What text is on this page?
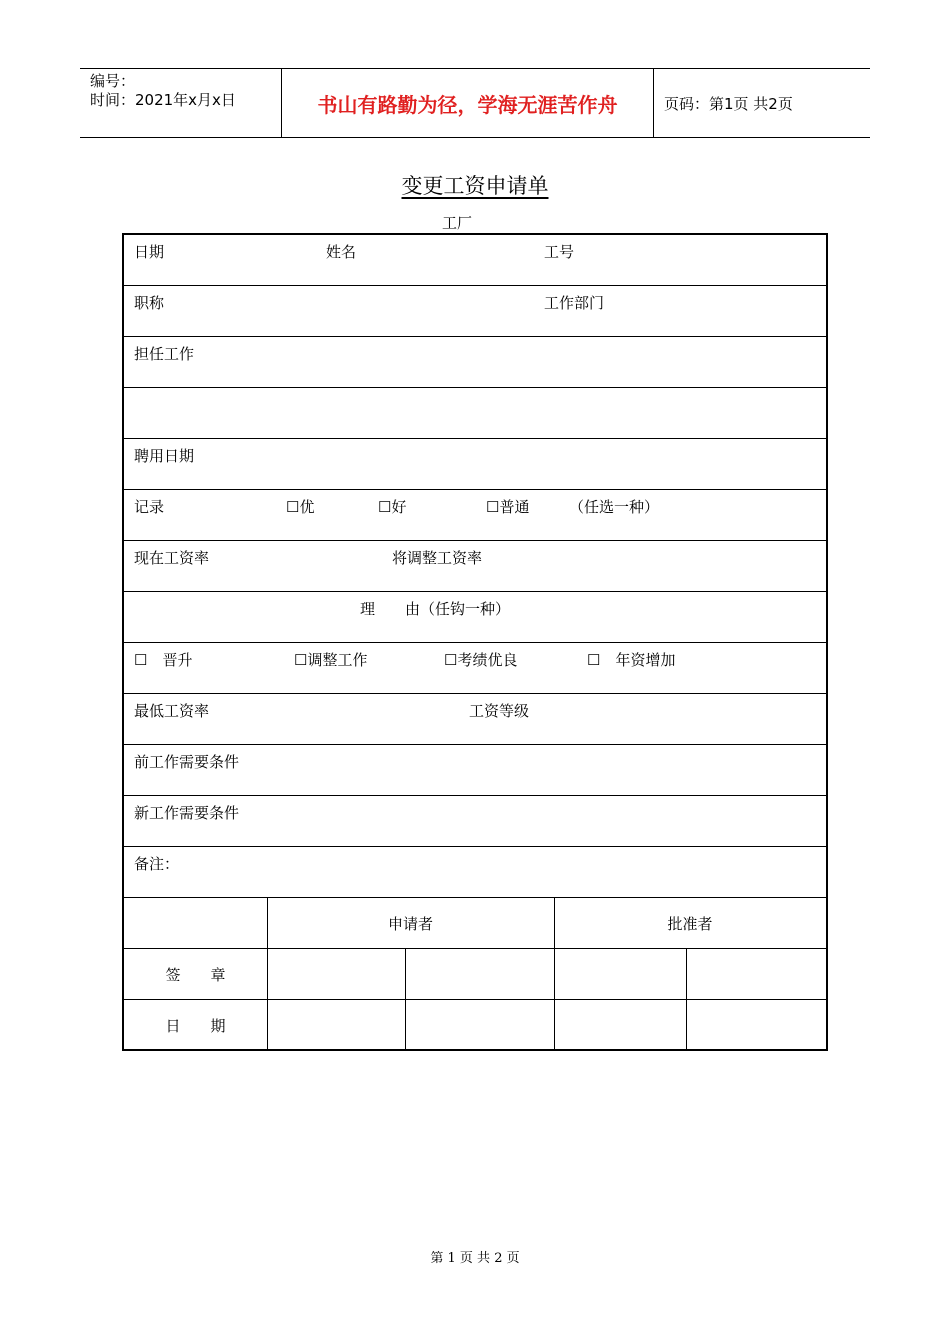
编号：
时间：2021年x月x日	书山有路勤为径，学海无涯苦作舟	页码：第1页 共2页
变更工资申请单
工厂
日期	姓名	工号
职称	工作部门
担任工作
聘用日期
记录	☐优	☐好	☐普通	（任选一种）
现在工资率	将调整工资率
理　　由（任钩一种）
☐　晋升	☐调整工作	☐考绩优良	☐　年资增加
最低工资率	工资等级
前工作需要条件
新工作需要条件
备注：
申请者	批准者
签　　章
日　　期
第 1 页 共 2 页
